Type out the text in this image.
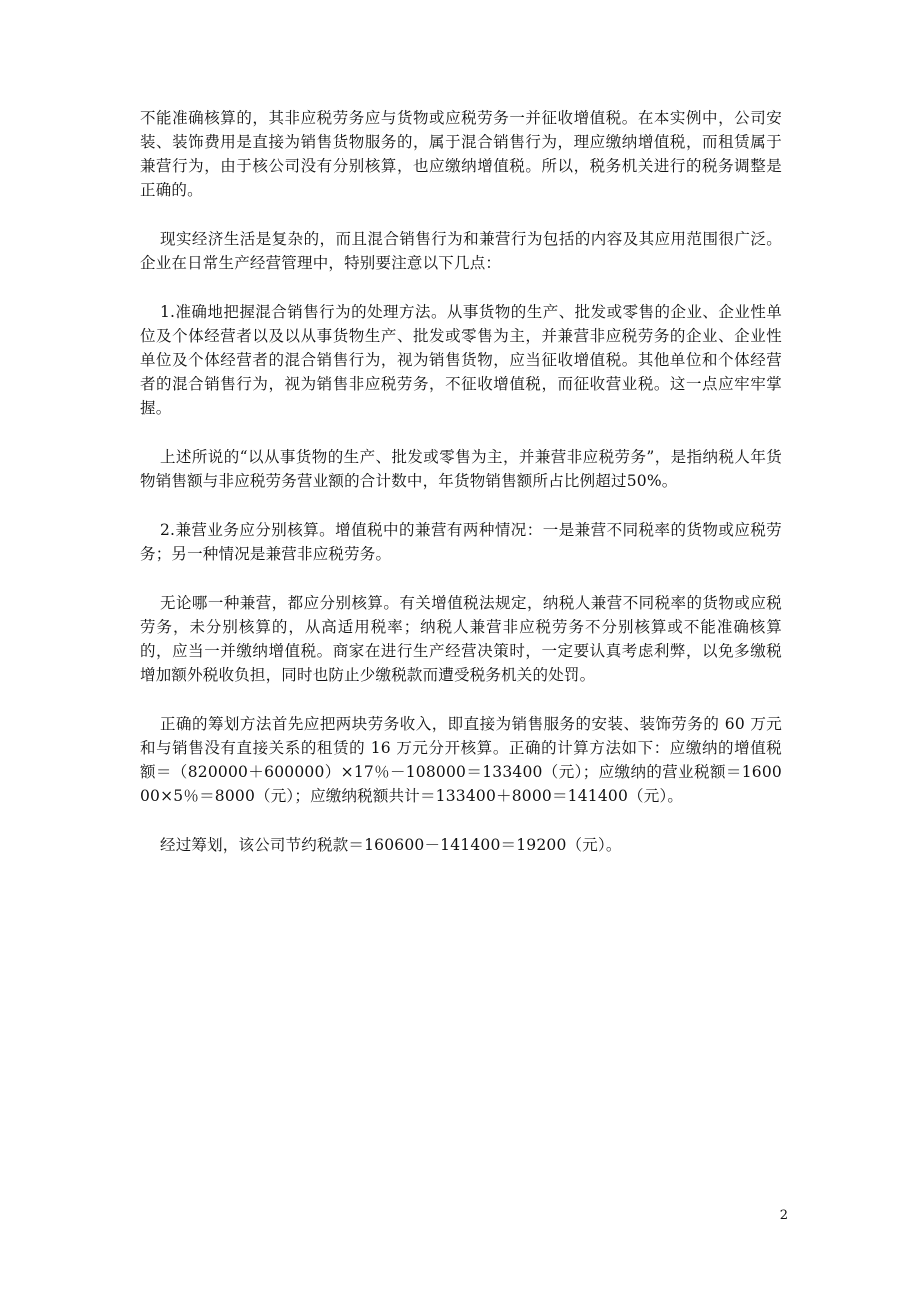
不能准确核算的，其非应税劳务应与货物或应税劳务一并征收增值税。在本实例中，公司安装、装饰费用是直接为销售货物服务的，属于混合销售行为，理应缴纳增值税，而租赁属于兼营行为，由于核公司没有分别核算，也应缴纳增值税。所以，税务机关进行的税务调整是正确的。

现实经济生活是复杂的，而且混合销售行为和兼营行为包括的内容及其应用范围很广泛。企业在日常生产经营管理中，特别要注意以下几点：

1.准确地把握混合销售行为的处理方法。从事货物的生产、批发或零售的企业、企业性单位及个体经营者以及以从事货物生产、批发或零售为主，并兼营非应税劳务的企业、企业性单位及个体经营者的混合销售行为，视为销售货物，应当征收增值税。其他单位和个体经营者的混合销售行为，视为销售非应税劳务，不征收增值税，而征收营业税。这一点应牢牢掌握。

上述所说的“以从事货物的生产、批发或零售为主，并兼营非应税劳务”，是指纳税人年货物销售额与非应税劳务营业额的合计数中，年货物销售额所占比例超过50%。

2.兼营业务应分别核算。增值税中的兼营有两种情况：一是兼营不同税率的货物或应税劳务；另一种情况是兼营非应税劳务。

无论哪一种兼营，都应分别核算。有关增值税法规定，纳税人兼营不同税率的货物或应税劳务，未分别核算的，从高适用税率；纳税人兼营非应税劳务不分别核算或不能准确核算的，应当一并缴纳增值税。商家在进行生产经营决策时，一定要认真考虑利弊，以免多缴税增加额外税收负担，同时也防止少缴税款而遭受税务机关的处罚。

正确的筹划方法首先应把两块劳务收入，即直接为销售服务的安装、装饰劳务的 60 万元和与销售没有直接关系的租赁的 16 万元分开核算。正确的计算方法如下：应缴纳的增值税额＝（820000＋600000）×17％－108000＝133400（元）；应缴纳的营业税额＝160000×5％＝8000（元）；应缴纳税额共计＝133400＋8000＝141400（元）。

经过筹划，该公司节约税款＝160600－141400＝19200（元）。

2
